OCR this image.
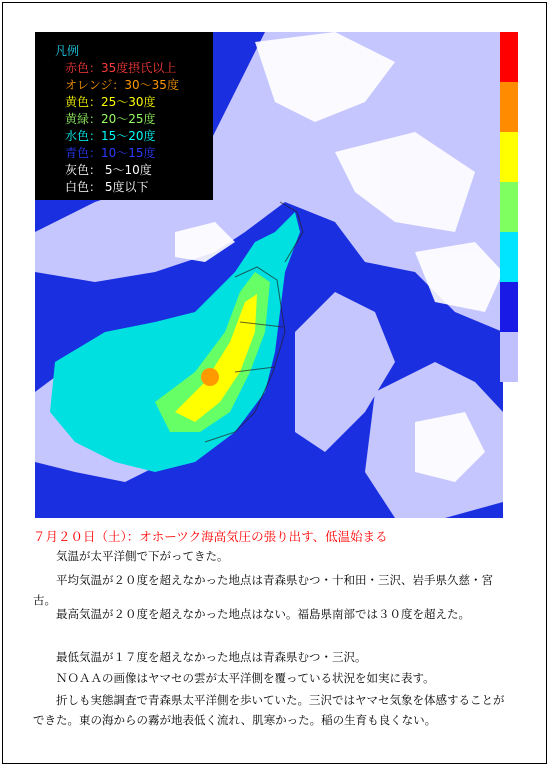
凡例
赤色：35度摂氏以上
オレンジ：30〜35度
黄色：25〜30度
黄緑：20〜25度
水色：15〜20度
青色：10〜15度
灰色： 5〜10度
白色： 5度以下
７月２０日（土）：オホーツク海高気圧の張り出す、低温始まる

気温が太平洋側で下がってきた。

平均気温が２０度を超えなかった地点は青森県むつ・十和田・三沢、岩手県久慈・宮古。

最高気温が２０度を超えなかった地点はない。福島県南部では３０度を超えた。

最低気温が１７度を超えなかった地点は青森県むつ・三沢。

ＮＯＡＡの画像はヤマセの雲が太平洋側を覆っている状況を如実に表す。

折しも実態調査で青森県太平洋側を歩いていた。三沢ではヤマセ気象を体感することができた。東の海からの霧が地表低く流れ、肌寒かった。稲の生育も良くない。
